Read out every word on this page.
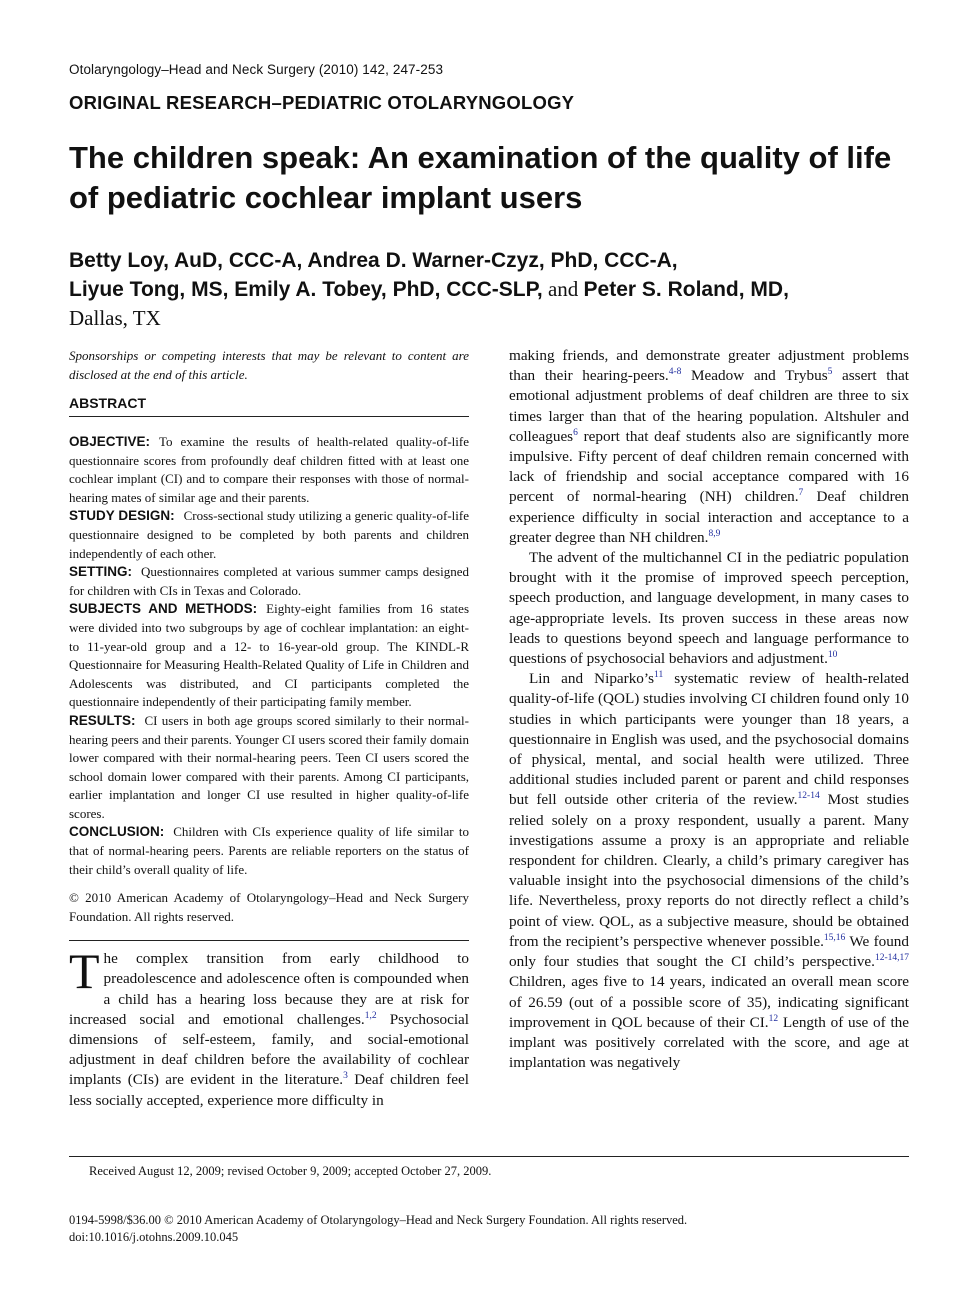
Otolaryngology–Head and Neck Surgery (2010) 142, 247-253
ORIGINAL RESEARCH–PEDIATRIC OTOLARYNGOLOGY
The children speak: An examination of the quality of life of pediatric cochlear implant users
Betty Loy, AuD, CCC-A, Andrea D. Warner-Czyz, PhD, CCC-A,
Liyue Tong, MS, Emily A. Tobey, PhD, CCC-SLP, and Peter S. Roland, MD,
Dallas, TX

Sponsorships or competing interests that may be relevant to content are disclosed at the end of this article.

ABSTRACT

OBJECTIVE: To examine the results of health-related quality-of-life questionnaire scores from profoundly deaf children fitted with at least one cochlear implant (CI) and to compare their responses with those of normal-hearing mates of similar age and their parents.

STUDY DESIGN: Cross-sectional study utilizing a generic quality-of-life questionnaire designed to be completed by both parents and children independently of each other.

SETTING: Questionnaires completed at various summer camps designed for children with CIs in Texas and Colorado.

SUBJECTS AND METHODS: Eighty-eight families from 16 states were divided into two subgroups by age of cochlear implantation: an eight- to 11-year-old group and a 12- to 16-year-old group. The KINDL-R Questionnaire for Measuring Health-Related Quality of Life in Children and Adolescents was distributed, and CI participants completed the questionnaire independently of their participating family member.

RESULTS: CI users in both age groups scored similarly to their normal-hearing peers and their parents. Younger CI users scored their family domain lower compared with their normal-hearing peers. Teen CI users scored the school domain lower compared with their parents. Among CI participants, earlier implantation and longer CI use resulted in higher quality-of-life scores.

CONCLUSION: Children with CIs experience quality of life similar to that of normal-hearing peers. Parents are reliable reporters on the status of their child’s overall quality of life.

© 2010 American Academy of Otolaryngology–Head and Neck Surgery Foundation. All rights reserved.

The complex transition from early childhood to preadolescence and adolescence often is compounded when a child has a hearing loss because they are at risk for increased social and emotional challenges.$^{1,2}$ Psychosocial dimensions of self-esteem, family, and social-emotional adjustment in deaf children before the availability of cochlear implants (CIs) are evident in the literature.$^3$ Deaf children feel less socially accepted, experience more difficulty in

making friends, and demonstrate greater adjustment problems than their hearing-peers.$^{4-8}$ Meadow and Trybus$^5$ assert that emotional adjustment problems of deaf children are three to six times larger than that of the hearing population. Altshuler and colleagues$^6$ report that deaf students also are significantly more impulsive. Fifty percent of deaf children remain concerned with lack of friendship and social acceptance compared with 16 percent of normal-hearing (NH) children.$^7$ Deaf children experience difficulty in social interaction and acceptance to a greater degree than NH children.$^{8,9}$

The advent of the multichannel CI in the pediatric population brought with it the promise of improved speech perception, speech production, and language development, in many cases to age-appropriate levels. Its proven success in these areas now leads to questions beyond speech and language performance to questions of psychosocial behaviors and adjustment.$^{10}$

Lin and $Niparko’s^{11}$ systematic review of health-related quality-of-life (QOL) studies involving CI children found only 10 studies in which participants were younger than 18 years, a questionnaire in English was used, and the psychosocial domains of physical, mental, and social health were utilized. Three additional studies included parent or parent and child responses but fell outside other criteria of the review.$^{12-14}$ Most studies relied solely on a proxy respondent, usually a parent. Many investigations assume a proxy is an appropriate and reliable respondent for children. Clearly, a child’s primary caregiver has valuable insight into the psychosocial dimensions of the child’s life. Nevertheless, proxy reports do not directly reflect a child’s point of view. QOL, as a subjective measure, should be obtained from the recipient’s perspective whenever possible.$^{15,16}$ We found only four studies that sought the CI child’s perspective.$^{12-14,17}$ Children, ages five to 14 years, indicated an overall mean score of 26.59 (out of a possible score of 35), indicating significant improvement in QOL because of their CI.$^{12}$ Length of use of the implant was positively correlated with the score, and age at implantation was negatively

Received August 12, 2009; revised October 9, 2009; accepted October 27, 2009.
0194-5998/$36.00 © 2010 American Academy of Otolaryngology–Head and Neck Surgery Foundation. All rights reserved.
doi:10.1016/j.otohns.2009.10.045
